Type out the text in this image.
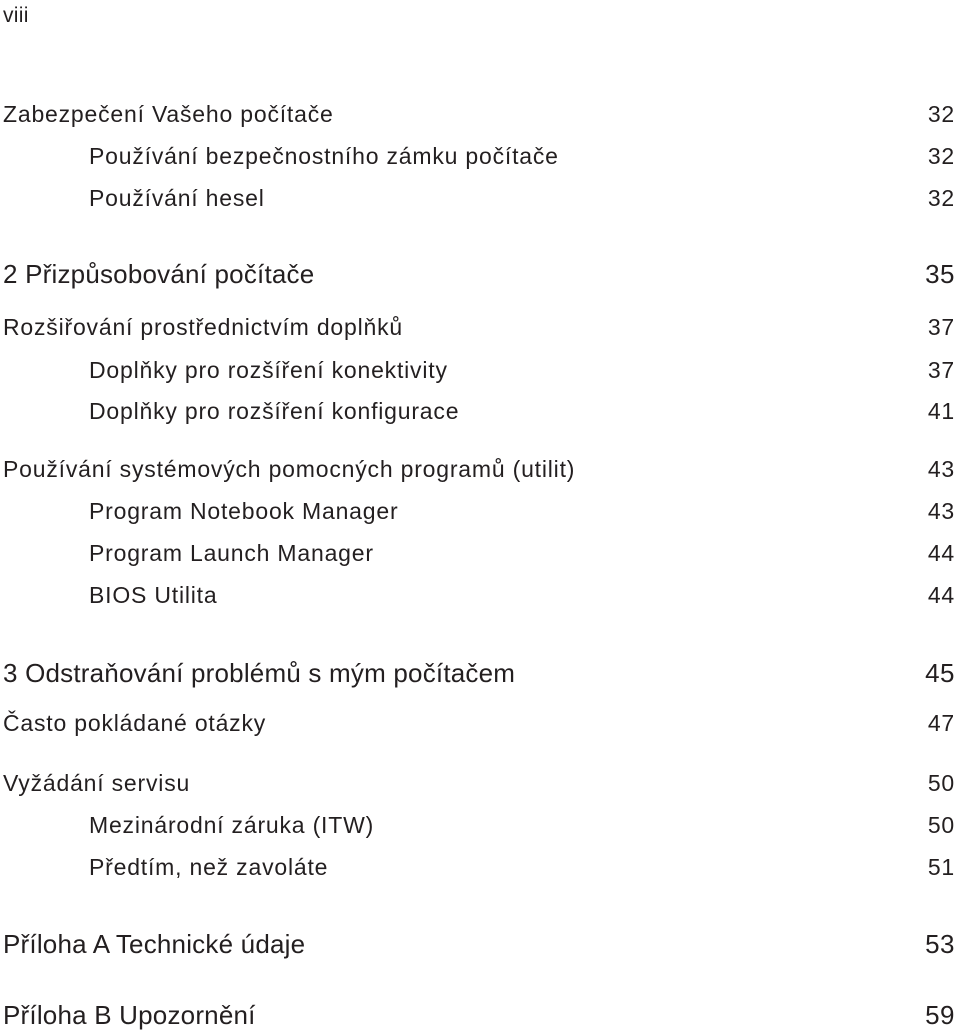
viii
Zabezpečení Vašeho počítače	32
Používání bezpečnostního zámku počítače	32
Používání hesel	32
2 Přizpůsobování počítače	35
Rozšiřování prostřednictvím doplňků	37
Doplňky pro rozšíření konektivity	37
Doplňky pro rozšíření konfigurace	41
Používání systémových pomocných programů (utilit)	43
Program Notebook Manager	43
Program Launch Manager	44
BIOS Utilita	44
3 Odstraňování problémů s mým počítačem	45
Často pokládané otázky	47
Vyžádání servisu	50
Mezinárodní záruka (ITW)	50
Předtím, než zavoláte	51
Příloha A Technické údaje	53
Příloha B Upozornění	59
